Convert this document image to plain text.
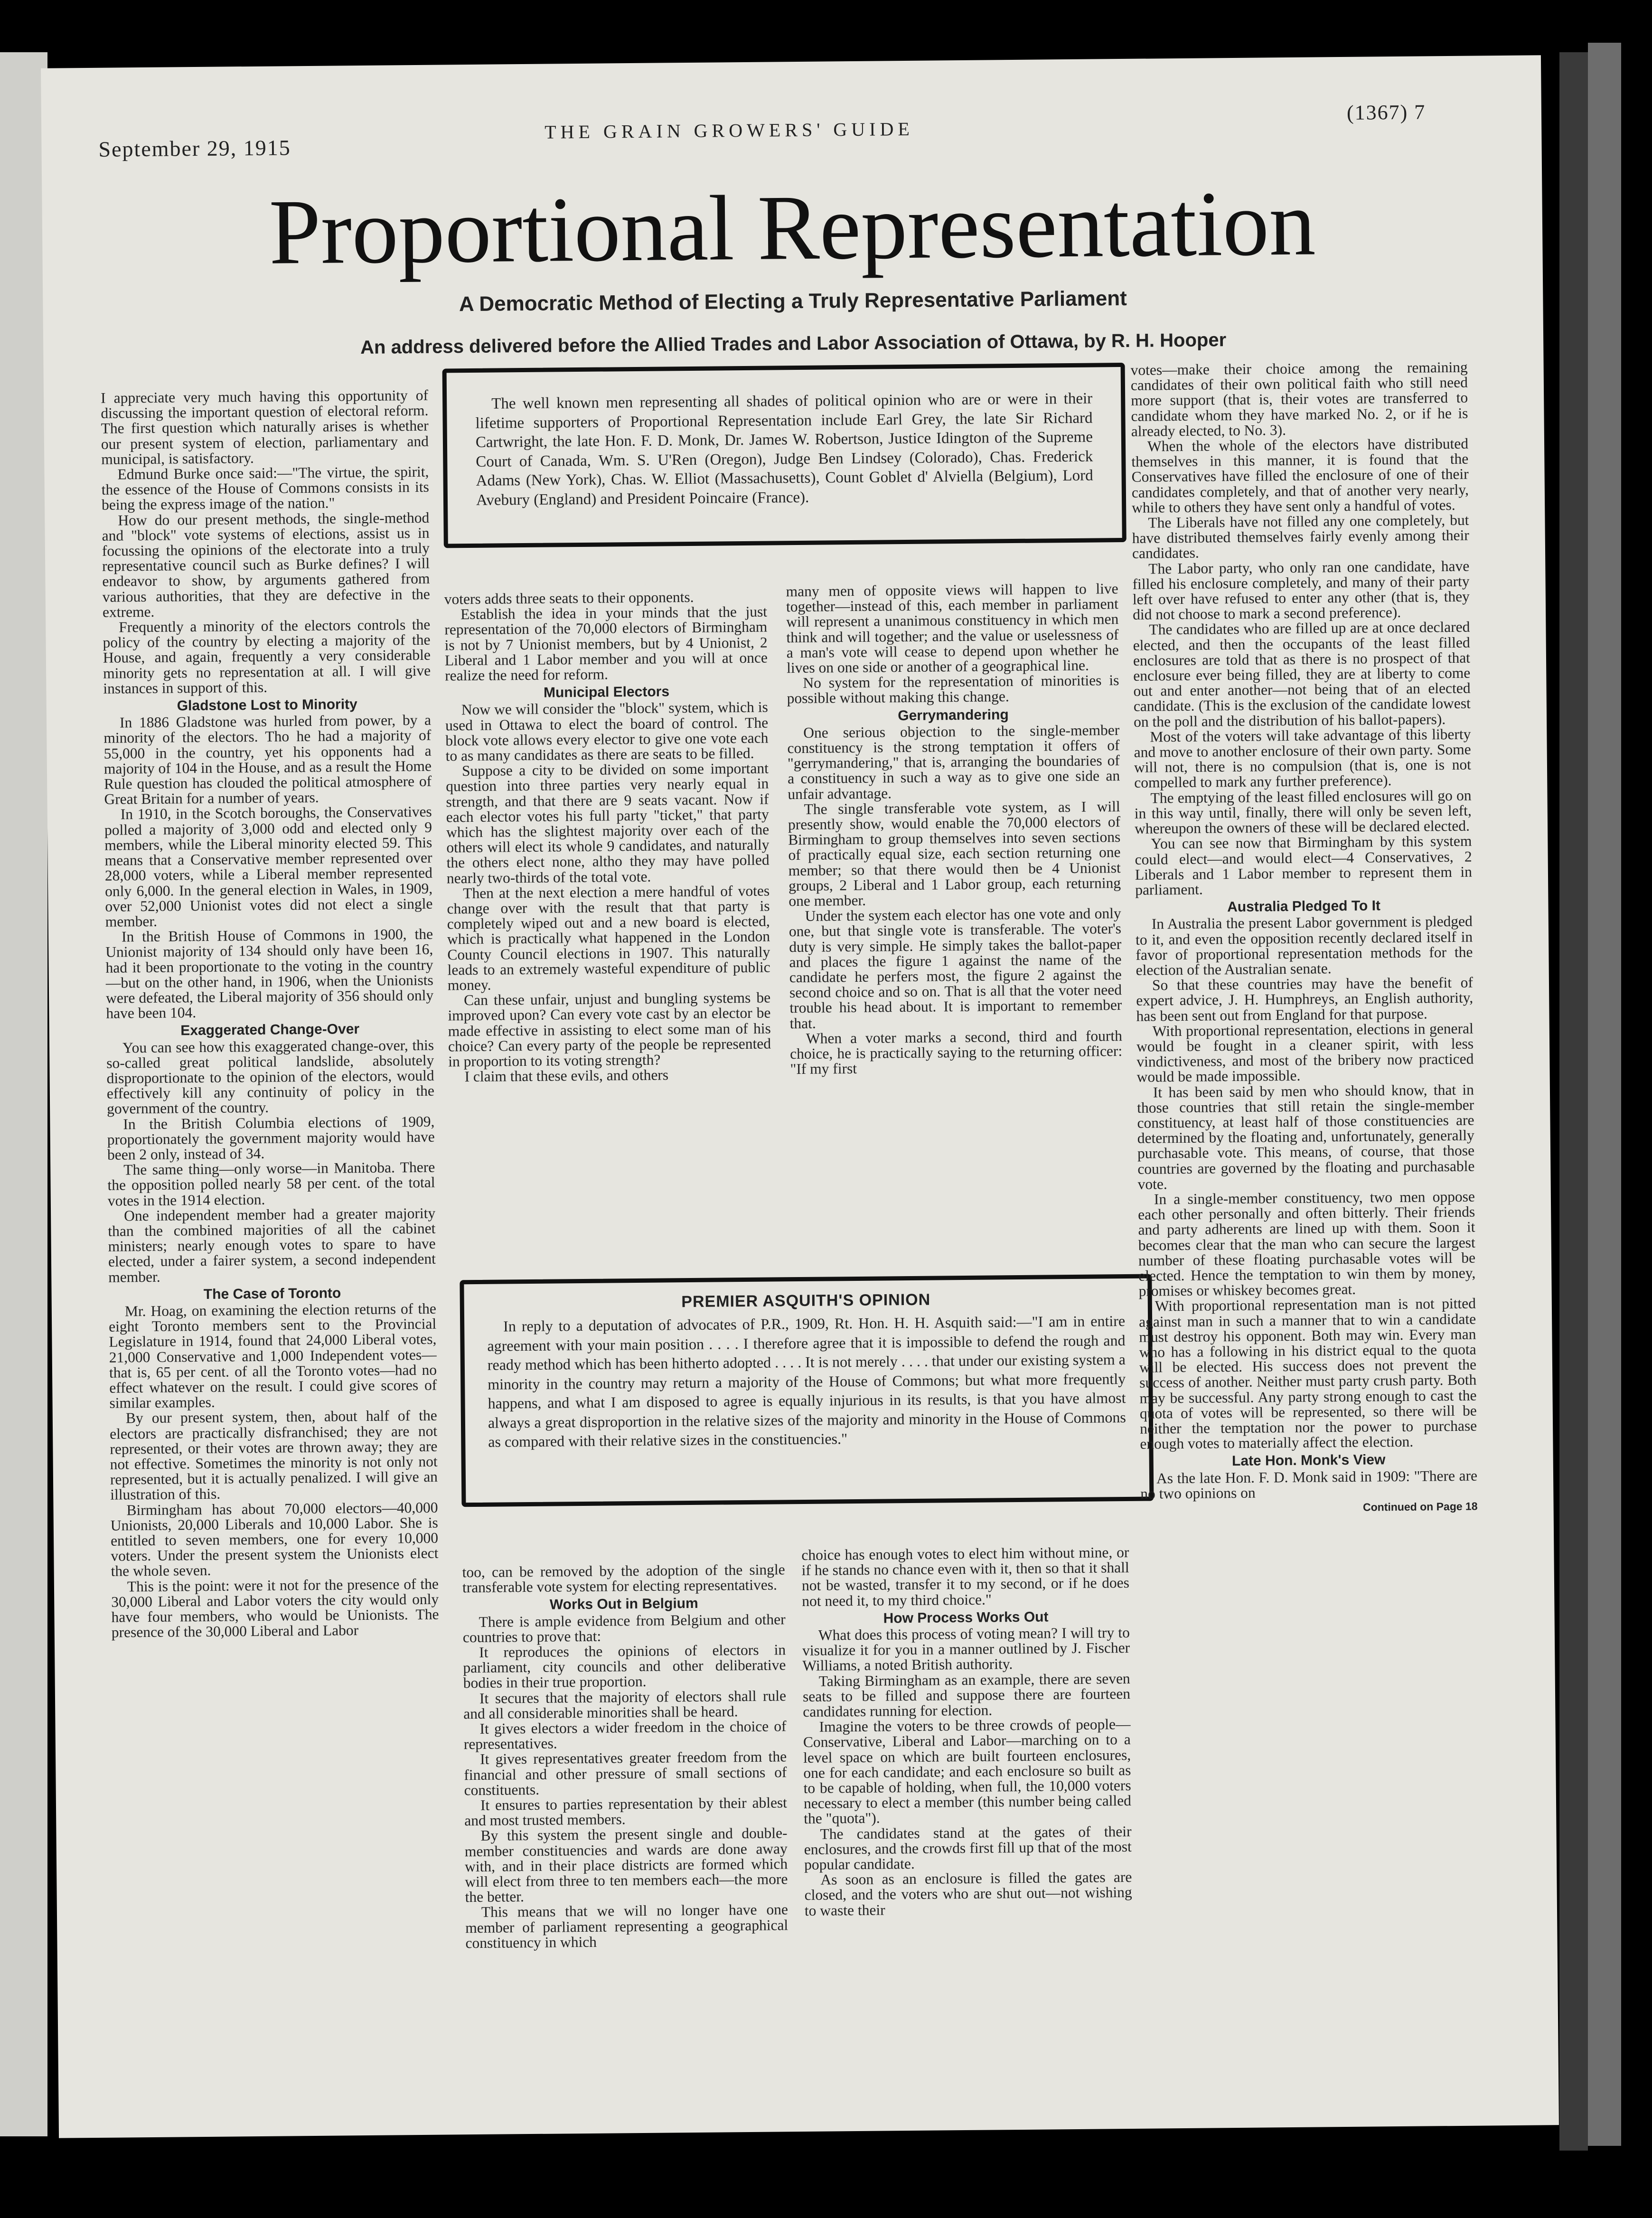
September 29, 1915
THE GRAIN GROWERS' GUIDE
(1367) 7
Proportional Representation
A Democratic Method of Electing a Truly Representative Parliament
An address delivered before the Allied Trades and Labor Association of Ottawa, by R. H. Hooper

The well known men representing all shades of political opinion who are or were in their lifetime supporters of Proportional Representation include Earl Grey, the late Sir Richard Cartwright, the late Hon. F. D. Monk, Dr. James W. Robertson, Justice Idington of the Supreme Court of Canada, Wm. S. U'Ren (Oregon), Judge Ben Lindsey (Colorado), Chas. Frederick Adams (New York), Chas. W. Elliot (Massachusetts), Count Goblet d' Alviella (Belgium), Lord Avebury (England) and President Poincaire (France).

PREMIER ASQUITH'S OPINION

In reply to a deputation of advocates of P.R., 1909, Rt. Hon. H. H. Asquith said:—"I am in entire agreement with your main position . . . . I therefore agree that it is impossible to defend the rough and ready method which has been hitherto adopted . . . . It is not merely . . . . that under our existing system a minority in the country may return a majority of the House of Commons; but what more frequently happens, and what I am disposed to agree is equally injurious in its results, is that you have almost always a great disproportion in the relative sizes of the majority and minority in the House of Commons as compared with their relative sizes in the constituencies."

I appreciate very much having this opportunity of discussing the important question of electoral reform. The first question which naturally arises is whether our present system of election, parliamentary and municipal, is satisfactory.

Edmund Burke once said:—"The virtue, the spirit, the essence of the House of Commons consists in its being the express image of the nation."

How do our present methods, the single-method and "block" vote systems of elections, assist us in focussing the opinions of the electorate into a truly representative council such as Burke defines? I will endeavor to show, by arguments gathered from various authorities, that they are defective in the extreme.

Frequently a minority of the electors controls the policy of the country by electing a majority of the House, and again, frequently a very considerable minority gets no representation at all. I will give instances in support of this.

Gladstone Lost to Minority

In 1886 Gladstone was hurled from power, by a minority of the electors. Tho he had a majority of 55,000 in the country, yet his opponents had a majority of 104 in the House, and as a result the Home Rule question has clouded the political atmosphere of Great Britain for a number of years.

In 1910, in the Scotch boroughs, the Conservatives polled a majority of 3,000 odd and elected only 9 members, while the Liberal minority elected 59. This means that a Conservative member represented over 28,000 voters, while a Liberal member represented only 6,000. In the general election in Wales, in 1909, over 52,000 Unionist votes did not elect a single member.

In the British House of Commons in 1900, the Unionist majority of 134 should only have been 16, had it been proportionate to the voting in the country—but on the other hand, in 1906, when the Unionists were defeated, the Liberal majority of 356 should only have been 104.

Exaggerated Change-Over

You can see how this exaggerated change-over, this so-called great political landslide, absolutely disproportionate to the opinion of the electors, would effectively kill any continuity of policy in the government of the country.

In the British Columbia elections of 1909, proportionately the government majority would have been 2 only, instead of 34.

The same thing—only worse—in Manitoba. There the opposition polled nearly 58 per cent. of the total votes in the 1914 election.

One independent member had a greater majority than the combined majorities of all the cabinet ministers; nearly enough votes to spare to have elected, under a fairer system, a second independent member.

The Case of Toronto

Mr. Hoag, on examining the election returns of the eight Toronto members sent to the Provincial Legislature in 1914, found that 24,000 Liberal votes, 21,000 Conservative and 1,000 Independent votes—that is, 65 per cent. of all the Toronto votes—had no effect whatever on the result. I could give scores of similar examples.

By our present system, then, about half of the electors are practically disfranchised; they are not represented, or their votes are thrown away; they are not effective. Sometimes the minority is not only not represented, but it is actually penalized. I will give an illustration of this.

Birmingham has about 70,000 electors—40,000 Unionists, 20,000 Liberals and 10,000 Labor. She is entitled to seven members, one for every 10,000 voters. Under the present system the Unionists elect the whole seven.

This is the point: were it not for the presence of the 30,000 Liberal and Labor voters the city would only have four members, who would be Unionists. The presence of the 30,000 Liberal and Labor

voters adds three seats to their opponents.

Establish the idea in your minds that the just representation of the 70,000 electors of Birmingham is not by 7 Unionist members, but by 4 Unionist, 2 Liberal and 1 Labor member and you will at once realize the need for reform.

Municipal Electors

Now we will consider the "block" system, which is used in Ottawa to elect the board of control. The block vote allows every elector to give one vote each to as many candidates as there are seats to be filled.

Suppose a city to be divided on some important question into three parties very nearly equal in strength, and that there are 9 seats vacant. Now if each elector votes his full party "ticket," that party which has the slightest majority over each of the others will elect its whole 9 candidates, and naturally the others elect none, altho they may have polled nearly two-thirds of the total vote.

Then at the next election a mere handful of votes change over with the result that that party is completely wiped out and a new board is elected, which is practically what happened in the London County Council elections in 1907. This naturally leads to an extremely wasteful expenditure of public money.

Can these unfair, unjust and bungling systems be improved upon? Can every vote cast by an elector be made effective in assisting to elect some man of his choice? Can every party of the people be represented in proportion to its voting strength?

I claim that these evils, and others

many men of opposite views will happen to live together—instead of this, each member in parliament will represent a unanimous constituency in which men think and will together; and the value or uselessness of a man's vote will cease to depend upon whether he lives on one side or another of a geographical line.

No system for the representation of minorities is possible without making this change.

Gerrymandering

One serious objection to the single-member constituency is the strong temptation it offers of "gerrymandering," that is, arranging the boundaries of a constituency in such a way as to give one side an unfair advantage.

The single transferable vote system, as I will presently show, would enable the 70,000 electors of Birmingham to group themselves into seven sections of practically equal size, each section returning one member; so that there would then be 4 Unionist groups, 2 Liberal and 1 Labor group, each returning one member.

Under the system each elector has one vote and only one, but that single vote is transferable. The voter's duty is very simple. He simply takes the ballot-paper and places the figure 1 against the name of the candidate he perfers most, the figure 2 against the second choice and so on. That is all that the voter need trouble his head about. It is important to remember that.

When a voter marks a second, third and fourth choice, he is practically saying to the returning officer: "If my first

votes—make their choice among the remaining candidates of their own political faith who still need more support (that is, their votes are transferred to candidate whom they have marked No. 2, or if he is already elected, to No. 3).

When the whole of the electors have distributed themselves in this manner, it is found that the Conservatives have filled the enclosure of one of their candidates completely, and that of another very nearly, while to others they have sent only a handful of votes.

The Liberals have not filled any one completely, but have distributed themselves fairly evenly among their candidates.

The Labor party, who only ran one candidate, have filled his enclosure completely, and many of their party left over have refused to enter any other (that is, they did not choose to mark a second preference).

The candidates who are filled up are at once declared elected, and then the occupants of the least filled enclosures are told that as there is no prospect of that enclosure ever being filled, they are at liberty to come out and enter another—not being that of an elected candidate. (This is the exclusion of the candidate lowest on the poll and the distribution of his ballot-papers).

Most of the voters will take advantage of this liberty and move to another enclosure of their own party. Some will not, there is no compulsion (that is, one is not compelled to mark any further preference).

The emptying of the least filled enclosures will go on in this way until, finally, there will only be seven left, whereupon the owners of these will be declared elected.

You can see now that Birmingham by this system could elect—and would elect—4 Conservatives, 2 Liberals and 1 Labor member to represent them in parliament.

Australia Pledged To It

In Australia the present Labor government is pledged to it, and even the opposition recently declared itself in favor of proportional representation methods for the election of the Australian senate.

So that these countries may have the benefit of expert advice, J. H. Humphreys, an English authority, has been sent out from England for that purpose.

With proportional representation, elections in general would be fought in a cleaner spirit, with less vindictiveness, and most of the bribery now practiced would be made impossible.

It has been said by men who should know, that in those countries that still retain the single-member constituency, at least half of those constituencies are determined by the floating and, unfortunately, generally purchasable vote. This means, of course, that those countries are governed by the floating and purchasable vote.

In a single-member constituency, two men oppose each other personally and often bitterly. Their friends and party adherents are lined up with them. Soon it becomes clear that the man who can secure the largest number of these floating purchasable votes will be elected. Hence the temptation to win them by money, promises or whiskey becomes great.

With proportional representation man is not pitted against man in such a manner that to win a candidate must destroy his opponent. Both may win. Every man who has a following in his district equal to the quota will be elected. His success does not prevent the success of another. Neither must party crush party. Both may be successful. Any party strong enough to cast the quota of votes will be represented, so there will be neither the temptation nor the power to purchase enough votes to materially affect the election.

Late Hon. Monk's View

As the late Hon. F. D. Monk said in 1909: "There are no two opinions on

Continued on Page 18

too, can be removed by the adoption of the single transferable vote system for electing representatives.

Works Out in Belgium

There is ample evidence from Belgium and other countries to prove that:

It reproduces the opinions of electors in parliament, city councils and other deliberative bodies in their true proportion.

It secures that the majority of electors shall rule and all considerable minorities shall be heard.

It gives electors a wider freedom in the choice of representatives.

It gives representatives greater freedom from the financial and other pressure of small sections of constituents.

It ensures to parties representation by their ablest and most trusted members.

By this system the present single and double-member constituencies and wards are done away with, and in their place districts are formed which will elect from three to ten members each—the more the better.

This means that we will no longer have one member of parliament representing a geographical constituency in which

choice has enough votes to elect him without mine, or if he stands no chance even with it, then so that it shall not be wasted, transfer it to my second, or if he does not need it, to my third choice."

How Process Works Out

What does this process of voting mean? I will try to visualize it for you in a manner outlined by J. Fischer Williams, a noted British authority.

Taking Birmingham as an example, there are seven seats to be filled and suppose there are fourteen candidates running for election.

Imagine the voters to be three crowds of people—Conservative, Liberal and Labor—marching on to a level space on which are built fourteen enclosures, one for each candidate; and each enclosure so built as to be capable of holding, when full, the 10,000 voters necessary to elect a member (this number being called the "quota").

The candidates stand at the gates of their enclosures, and the crowds first fill up that of the most popular candidate.

As soon as an enclosure is filled the gates are closed, and the voters who are shut out—not wishing to waste their
